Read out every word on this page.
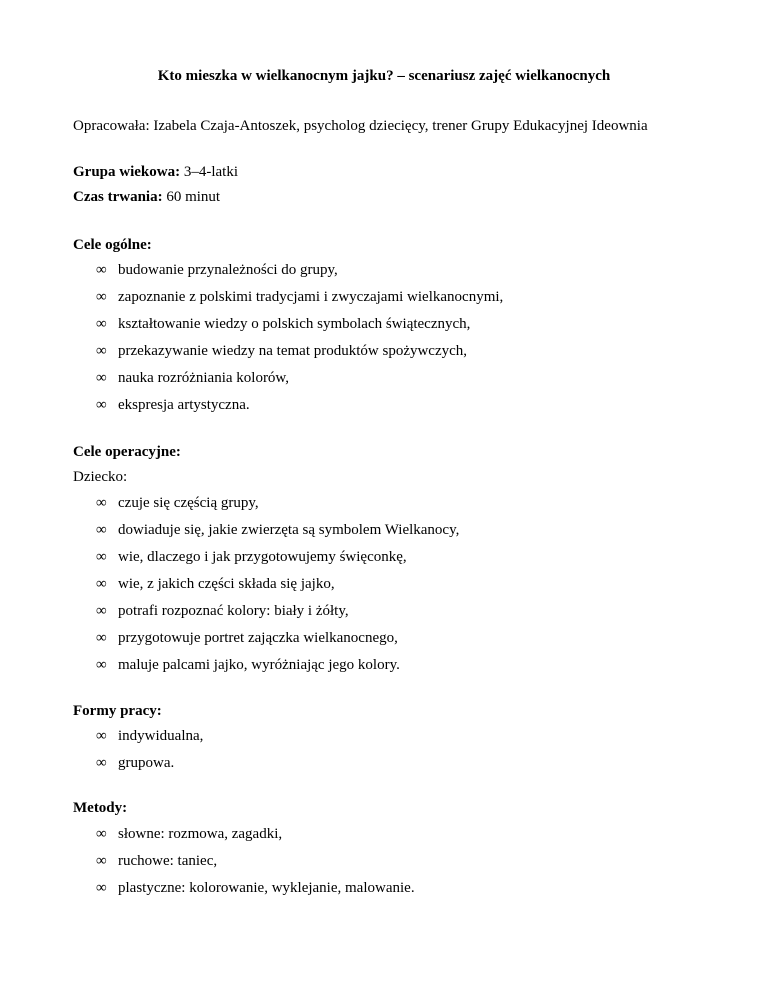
Kto mieszka w wielkanocnym jajku? – scenariusz zajęć wielkanocnych
Opracowała: Izabela Czaja-Antoszek, psycholog dziecięcy, trener Grupy Edukacyjnej Ideownia
Grupa wiekowa: 3–4-latki
Czas trwania: 60 minut
Cele ogólne:
∞ budowanie przynależności do grupy,
∞ zapoznanie z polskimi tradycjami i zwyczajami wielkanocnymi,
∞ kształtowanie wiedzy o polskich symbolach świątecznych,
∞ przekazywanie wiedzy na temat produktów spożywczych,
∞ nauka rozróżniania kolorów,
∞ ekspresja artystyczna.
Cele operacyjne:
Dziecko:
∞ czuje się częścią grupy,
∞ dowiaduje się, jakie zwierzęta są symbolem Wielkanocy,
∞ wie, dlaczego i jak przygotowujemy święconkę,
∞ wie, z jakich części składa się jajko,
∞ potrafi rozpoznać kolory: biały i żółty,
∞ przygotowuje portret zajączka wielkanocnego,
∞ maluje palcami jajko, wyróżniając jego kolory.
Formy pracy:
∞ indywidualna,
∞ grupowa.
Metody:
∞ słowne: rozmowa, zagadki,
∞ ruchowe: taniec,
∞ plastyczne: kolorowanie, wyklejanie, malowanie.
